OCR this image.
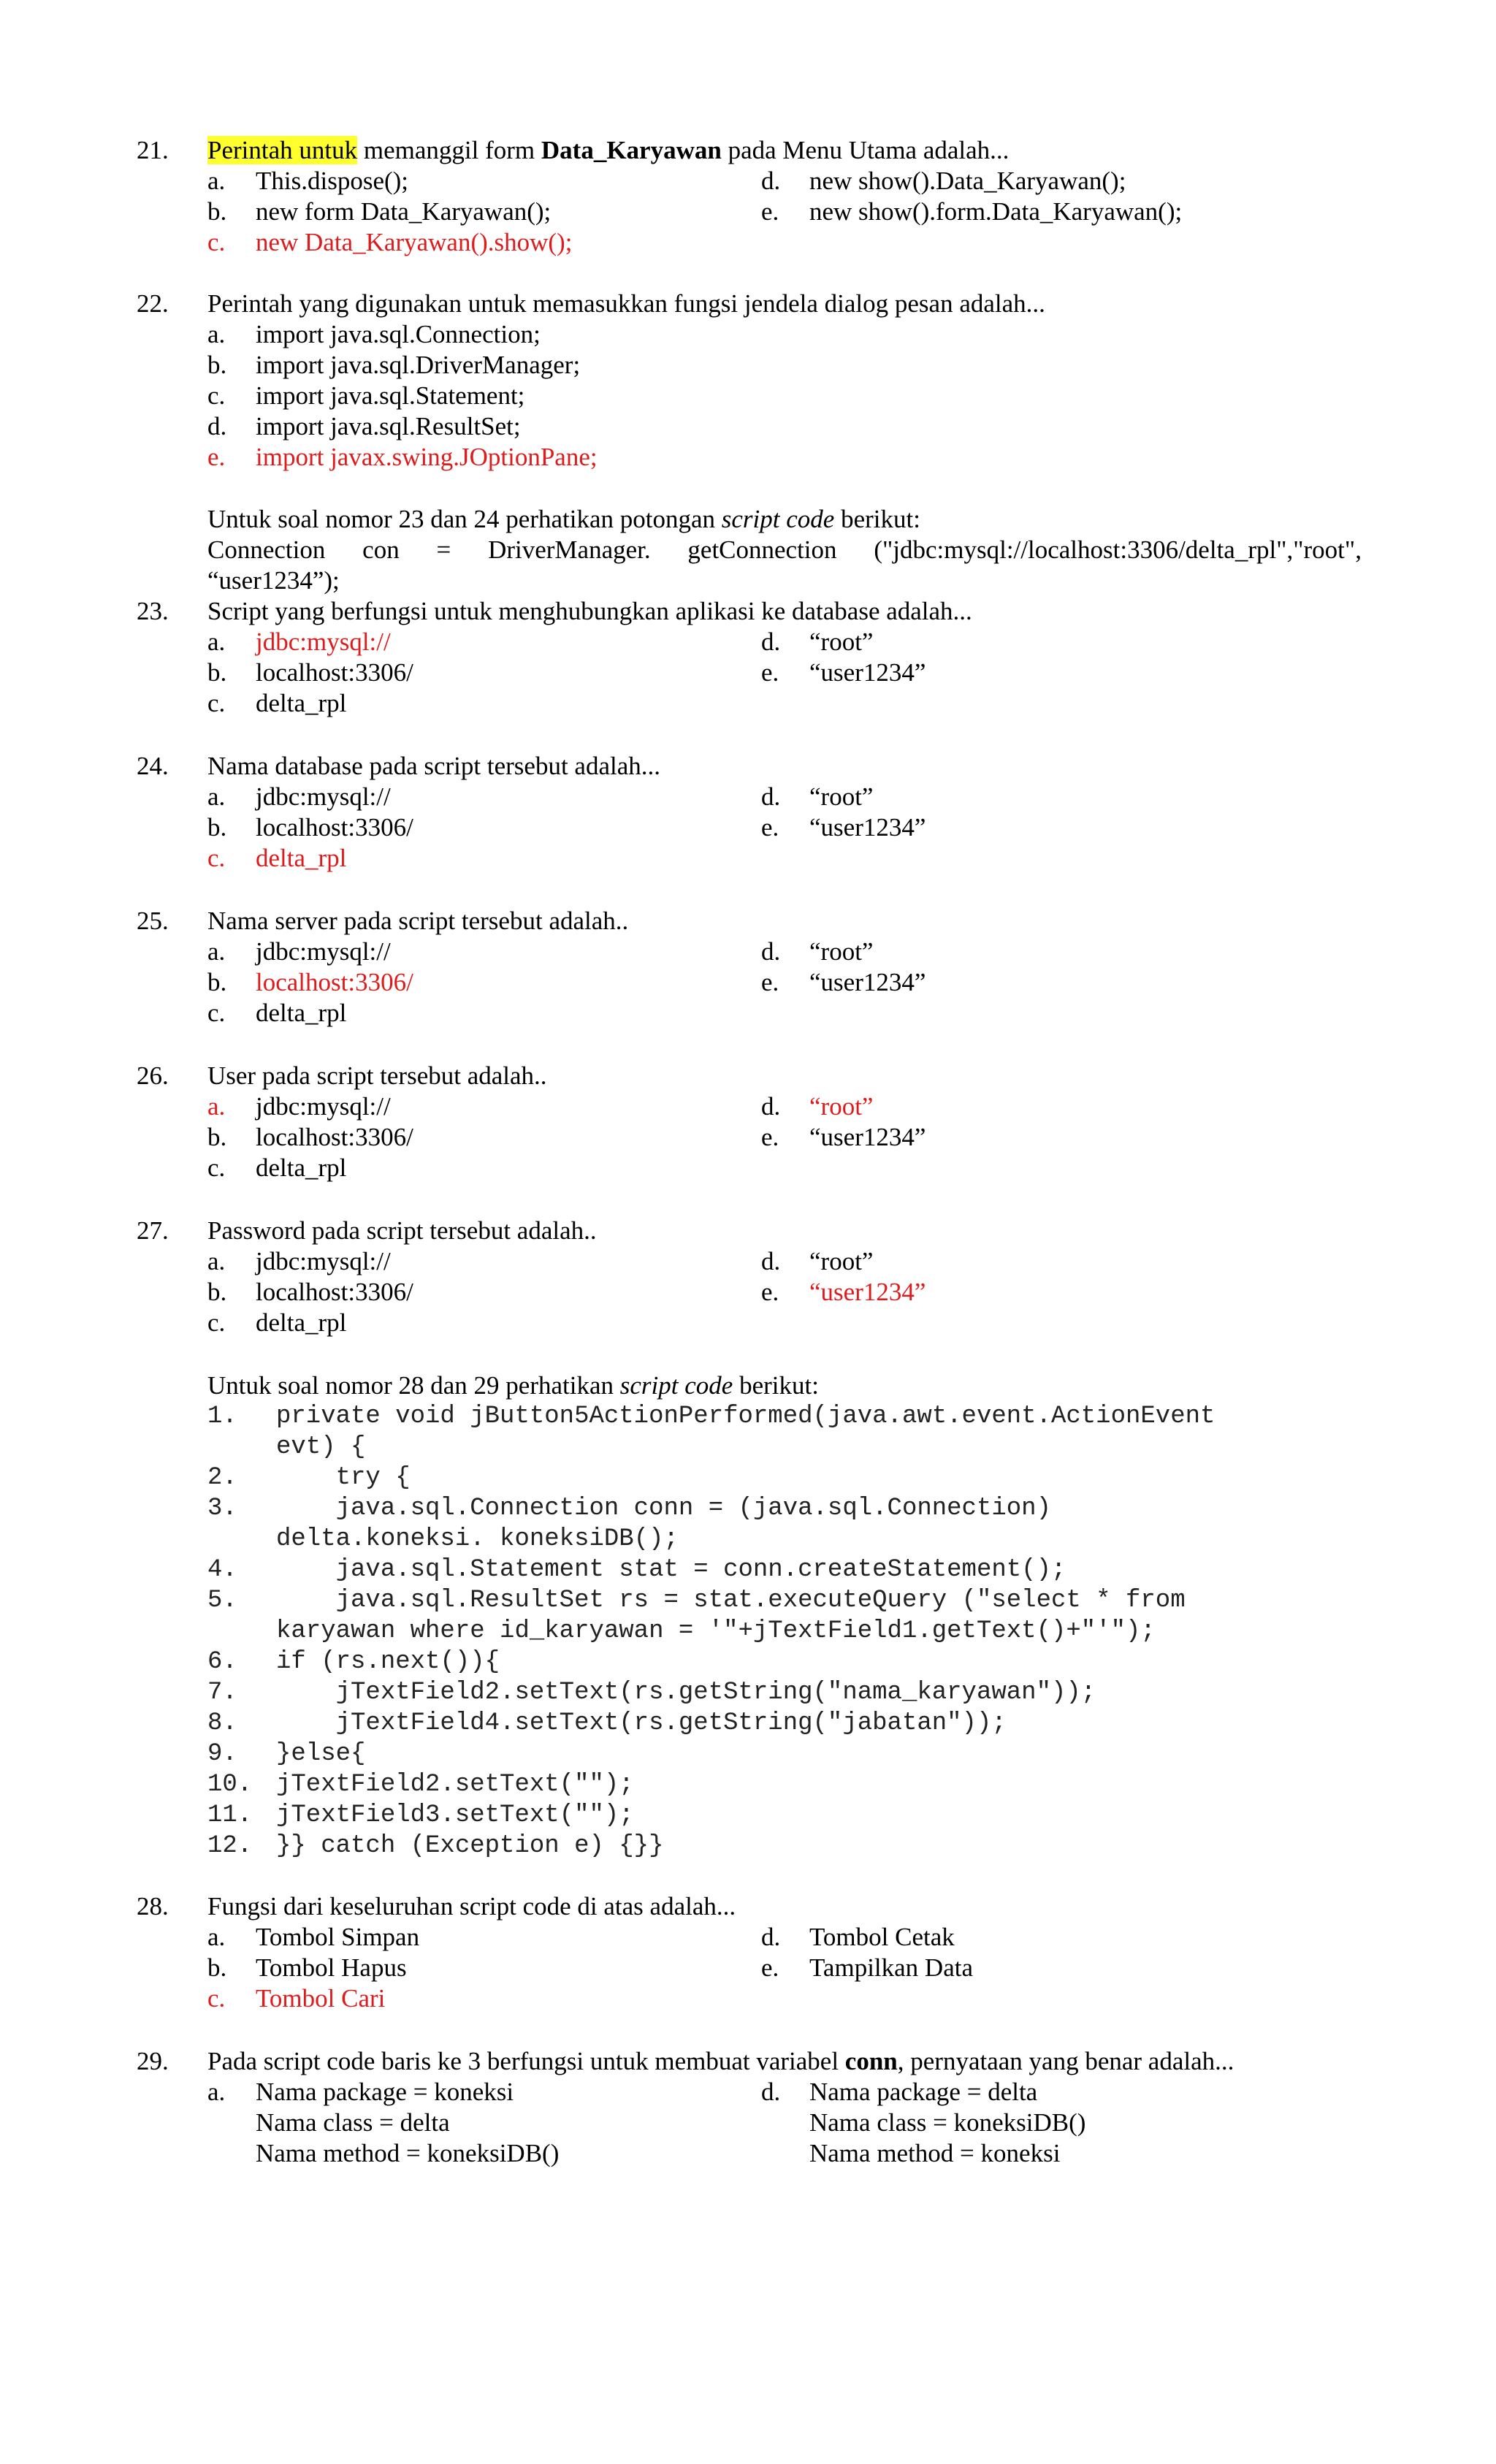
21.	Perintah untuk memanggil form Data_Karyawan pada Menu Utama adalah...
a. This.dispose();
b. new form Data_Karyawan();
c. new Data_Karyawan().show();
d. new show().Data_Karyawan();
e. new show().form.Data_Karyawan();
22.	Perintah yang digunakan untuk memasukkan fungsi jendela dialog pesan adalah...
a. import java.sql.Connection;
b. import java.sql.DriverManager;
c. import java.sql.Statement;
d. import java.sql.ResultSet;
e. import javax.swing.JOptionPane;
Untuk soal nomor 23 dan 24 perhatikan potongan script code berikut:
Connection con = DriverManager. getConnection ("jdbc:mysql://localhost:3306/delta_rpl","root",
“user1234”);
23.	Script yang berfungsi untuk menghubungkan aplikasi ke database adalah...
a. jdbc:mysql://
b. localhost:3306/
c. delta_rpl
d. “root”
e. “user1234”
24.	Nama database pada script tersebut adalah...
a. jdbc:mysql://
b. localhost:3306/
c. delta_rpl
d. “root”
e. “user1234”
25.	Nama server pada script tersebut adalah..
a. jdbc:mysql://
b. localhost:3306/
c. delta_rpl
d. “root”
e. “user1234”
26.	User pada script tersebut adalah..
a. jdbc:mysql://
b. localhost:3306/
c. delta_rpl
d. “root”
e. “user1234”
27.	Password pada script tersebut adalah..
a. jdbc:mysql://
b. localhost:3306/
c. delta_rpl
d. “root”
e. “user1234”
Untuk soal nomor 28 dan 29 perhatikan script code berikut:
1. private void jButton5ActionPerformed(java.awt.event.ActionEvent
evt) {
2. try {
3. java.sql.Connection conn = (java.sql.Connection)
delta.koneksi. koneksiDB();
4. java.sql.Statement stat = conn.createStatement();
5. java.sql.ResultSet rs = stat.executeQuery ("select * from
karyawan where id_karyawan = '"+jTextField1.getText()+"'");
6. if (rs.next()){
7. jTextField2.setText(rs.getString("nama_karyawan"));
8. jTextField4.setText(rs.getString("jabatan"));
9. }else{
10. jTextField2.setText("");
11. jTextField3.setText("");
12. }} catch (Exception e) {}}
28.	Fungsi dari keseluruhan script code di atas adalah...
a. Tombol Simpan
b. Tombol Hapus
c. Tombol Cari
d. Tombol Cetak
e. Tampilkan Data
29.	Pada script code baris ke 3 berfungsi untuk membuat variabel conn, pernyataan yang benar adalah...
a. Nama package = koneksi
Nama class = delta
Nama method = koneksiDB()
d. Nama package = delta
Nama class = koneksiDB()
Nama method = koneksi
